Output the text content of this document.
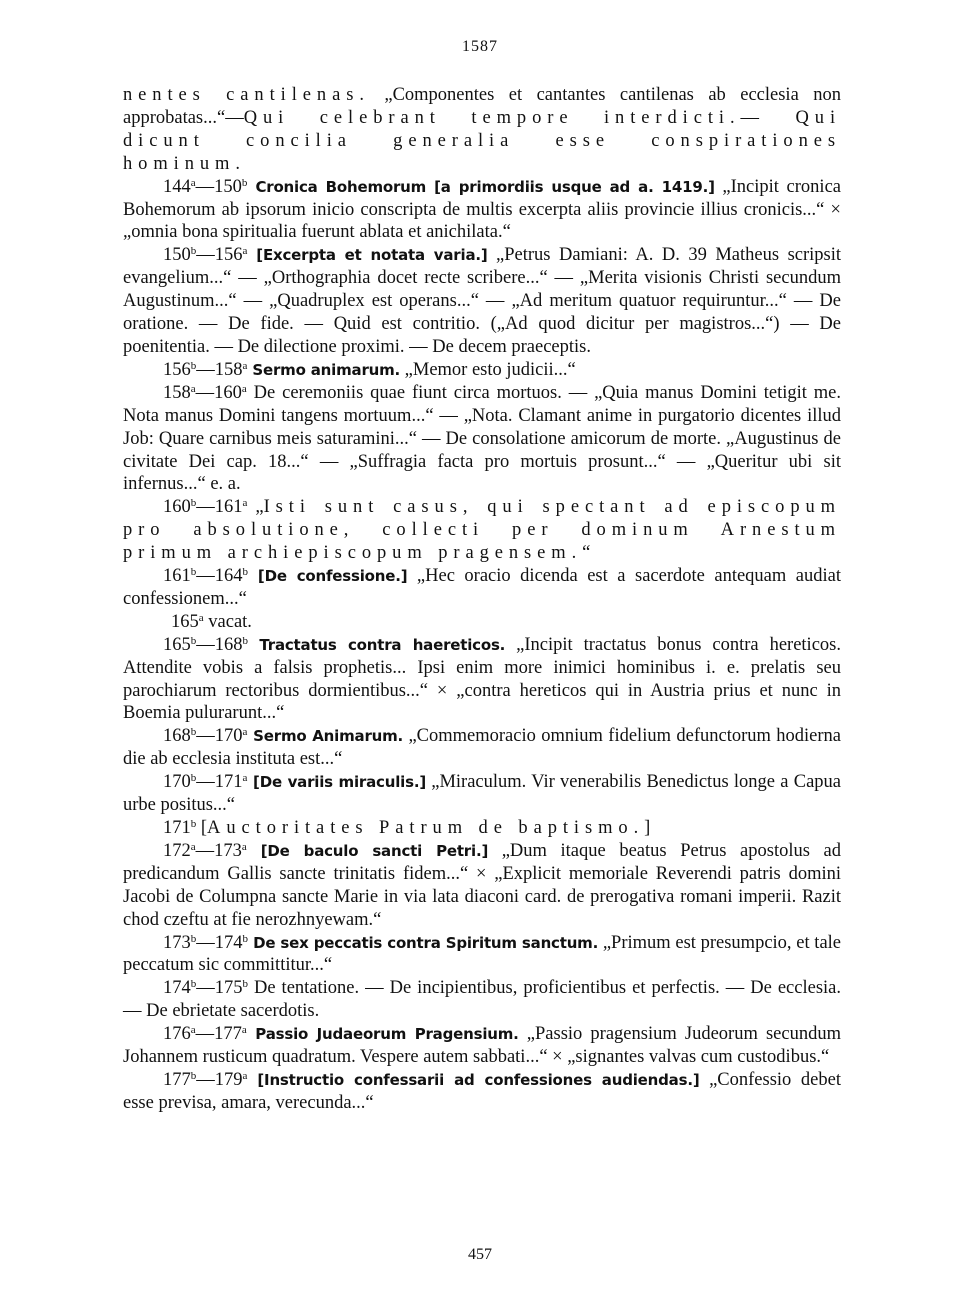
1587

nentes cantilenas. „Componentes et cantantes cantilenas ab ecclesia non approbatas...“—Qui celebrant tempore interdicti.— Qui dicunt concilia generalia esse conspirationes hominum.

144$^a$—150$^b$ Cronica Bohemorum [a primordiis usque ad a. 1419.] „Incipit cronica Bohemorum ab ipsorum inicio conscripta de multis excerpta aliis provincie illius cronicis...“ × „omnia bona spiritualia fuerunt ablata et anichilata.“

150$^b$—156$^a$ [Excerpta et notata varia.] „Petrus Damiani: A. D. 39 Matheus scripsit evangelium...“ — „Orthographia docet recte scribere...“ — „Merita visionis Christi secundum Augustinum...“ — „Quadruplex est operans...“ — „Ad meritum quatuor requiruntur...“ — De oratione. — De fide. — Quid est contritio. („Ad quod dicitur per magistros...“) — De poenitentia. — De dilectione proximi. — De decem praeceptis.

156$^b$—158$^a$ Sermo animarum. „Memor esto judicii...“

158$^a$—160$^a$ De ceremoniis quae fiunt circa mortuos. — „Quia manus Domini tetigit me. Nota manus Domini tangens mortuum...“ — „Nota. Clamant anime in purgatorio dicentes illud Job: Quare carnibus meis saturamini...“ — De consolatione amicorum de morte. „Augustinus de civitate Dei cap. 18...“ — „Suffragia facta pro mortuis prosunt...“ — „Queritur ubi sit infernus...“ e. a.

160$^b$—161$^a$ „Isti sunt casus, qui spectant ad episcopum pro absolutione, collecti per dominum Arnestum primum archiepiscopum pragensem.“

161$^b$—164$^b$ [De confessione.] „Hec oracio dicenda est a sacerdote antequam audiat confessionem...“

165$^a$ vacat.

165$^b$—168$^b$ Tractatus contra haereticos. „Incipit tractatus bonus contra hereticos. Attendite vobis a falsis prophetis... Ipsi enim more inimici hominibus i. e. prelatis seu parochiarum rectoribus dormientibus...“ × „contra hereticos qui in Austria prius et nunc in Boemia pulurarunt...“

168$^b$—170$^a$ Sermo Animarum. „Commemoracio omnium fidelium defunctorum hodierna die ab ecclesia instituta est...“

170$^b$—171$^a$ [De variis miraculis.] „Miraculum. Vir venerabilis Benedictus longe a Capua urbe positus...“

171$^b$ [Auctoritates Patrum de baptismo.]

172$^a$—173$^a$ [De baculo sancti Petri.] „Dum itaque beatus Petrus apostolus ad predicandum Gallis sancte trinitatis fidem...“ × „Explicit memoriale Reverendi patris domini Jacobi de Columpna sancte Marie in via lata diaconi card. de prerogativa romani imperii. Razit chod czeftu at fie nerozhnyewam.“

173$^b$—174$^b$ De sex peccatis contra Spiritum sanctum. „Primum est presumpcio, et tale peccatum sic committitur...“

174$^b$—175$^b$ De tentatione. — De incipientibus, proficientibus et perfectis. — De ecclesia. — De ebrietate sacerdotis.

176$^a$—177$^a$ Passio Judaeorum Pragensium. „Passio pragensium Judeorum secundum Johannem rusticum quadratum. Vespere autem sabbati...“ × „signantes valvas cum custodibus.“

177$^b$—179$^a$ [Instructio confessarii ad confessiones audiendas.] „Confessio debet esse previsa, amara, verecunda...“

457
